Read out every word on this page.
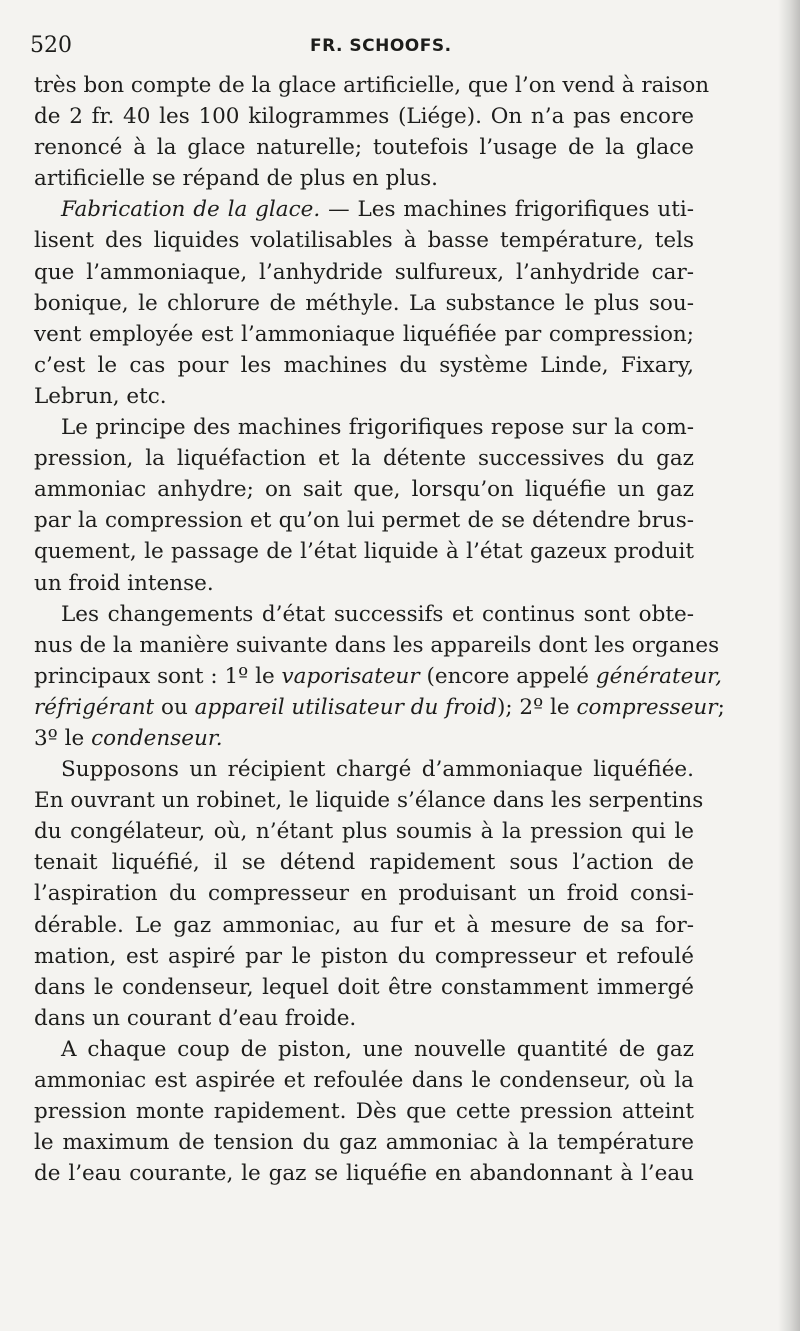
520	FR. SCHOOFS.
très bon compte de la glace artificielle, que l’on vend à raison
de 2 fr. 40 les 100 kilogrammes (Liége). On n’a pas encore
renoncé à la glace naturelle; toutefois l’usage de la glace
artificielle se répand de plus en plus.
Fabrication de la glace. — Les machines frigorifiques uti-
lisent des liquides volatilisables à basse température, tels
que l’ammoniaque, l’anhydride sulfureux, l’anhydride car-
bonique, le chlorure de méthyle. La substance le plus sou-
vent employée est l’ammoniaque liquéfiée par compression;
c’est le cas pour les machines du système Linde, Fixary,
Lebrun, etc.
Le principe des machines frigorifiques repose sur la com-
pression, la liquéfaction et la détente successives du gaz
ammoniac anhydre; on sait que, lorsqu’on liquéfie un gaz
par la compression et qu’on lui permet de se détendre brus-
quement, le passage de l’état liquide à l’état gazeux produit
un froid intense.
Les changements d’état successifs et continus sont obte-
nus de la manière suivante dans les appareils dont les organes
principaux sont : 1º le vaporisateur (encore appelé générateur,
réfrigérant ou appareil utilisateur du froid); 2º le compresseur;
3º le condenseur.
Supposons un récipient chargé d’ammoniaque liquéfiée.
En ouvrant un robinet, le liquide s’élance dans les serpentins
du congélateur, où, n’étant plus soumis à la pression qui le
tenait liquéfié, il se détend rapidement sous l’action de
l’aspiration du compresseur en produisant un froid consi-
dérable. Le gaz ammoniac, au fur et à mesure de sa for-
mation, est aspiré par le piston du compresseur et refoulé
dans le condenseur, lequel doit être constamment immergé
dans un courant d’eau froide.
A chaque coup de piston, une nouvelle quantité de gaz
ammoniac est aspirée et refoulée dans le condenseur, où la
pression monte rapidement. Dès que cette pression atteint
le maximum de tension du gaz ammoniac à la température
de l’eau courante, le gaz se liquéfie en abandonnant à l’eau
